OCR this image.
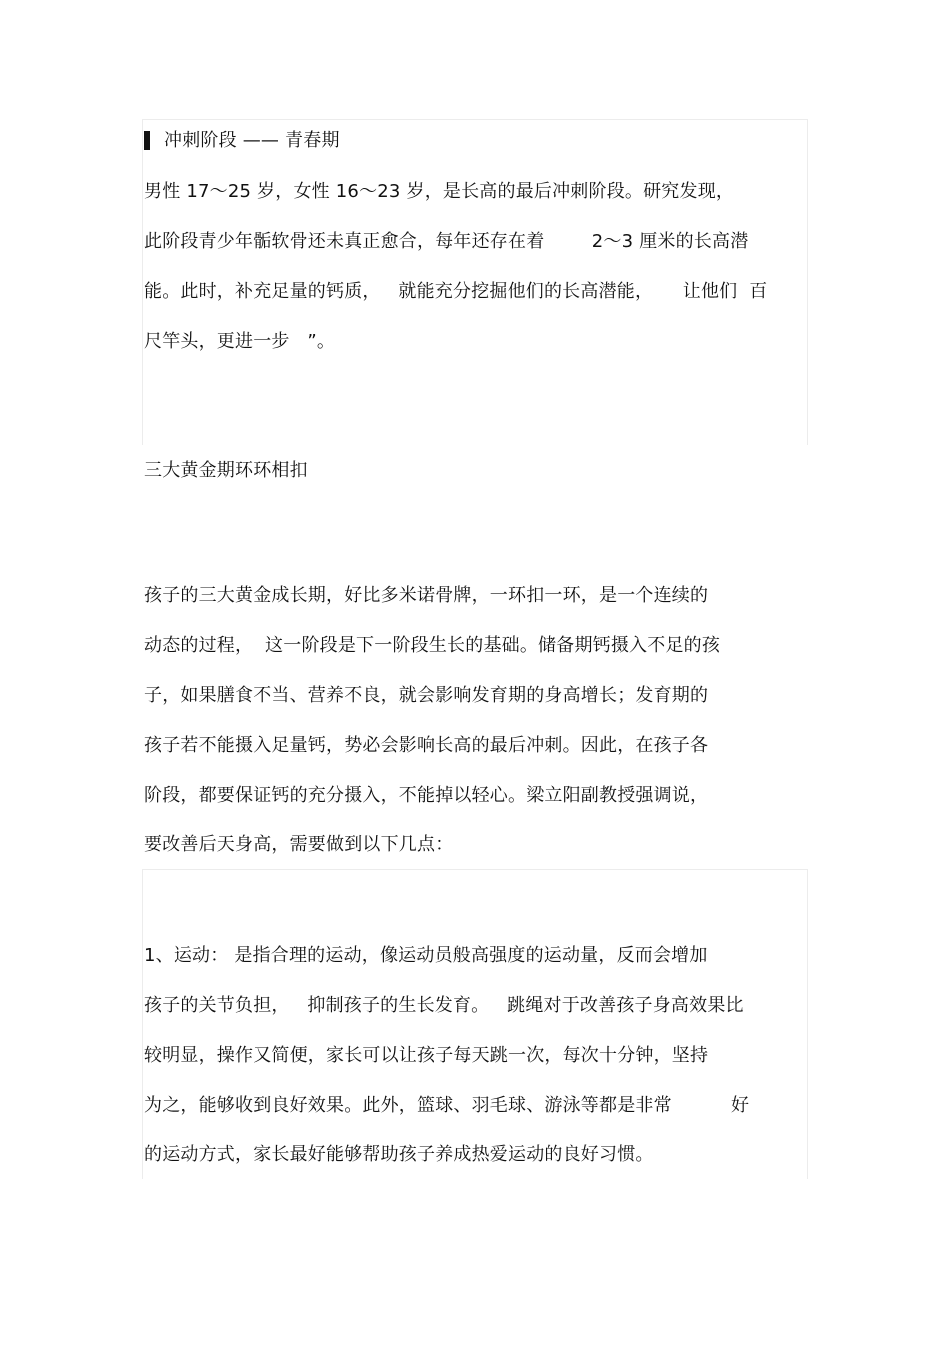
冲刺阶段 —— 青春期
男性 17～25 岁，女性 16～23 岁，是长高的最后冲刺阶段。研究发现，
此阶段青少年骺软骨还未真正愈合，每年还存在着        2～3 厘米的长高潜
能。此时，补充足量的钙质，   就能充分挖掘他们的长高潜能，     让他们  百
尺竿头，更进一步   ”。
三大黄金期环环相扣
孩子的三大黄金成长期，好比多米诺骨牌，一环扣一环，是一个连续的
动态的过程，  这一阶段是下一阶段生长的基础。储备期钙摄入不足的孩
子，如果膳食不当、营养不良，就会影响发育期的身高增长；发育期的
孩子若不能摄入足量钙，势必会影响长高的最后冲刺。因此，在孩子各
阶段，都要保证钙的充分摄入，不能掉以轻心。梁立阳副教授强调说，
要改善后天身高，需要做到以下几点：
1、运动： 是指合理的运动，像运动员般高强度的运动量，反而会增加
孩子的关节负担，   抑制孩子的生长发育。   跳绳对于改善孩子身高效果比
较明显，操作又简便，家长可以让孩子每天跳一次，每次十分钟，坚持
为之，能够收到良好效果。此外，篮球、羽毛球、游泳等都是非常          好
的运动方式，家长最好能够帮助孩子养成热爱运动的良好习惯。
